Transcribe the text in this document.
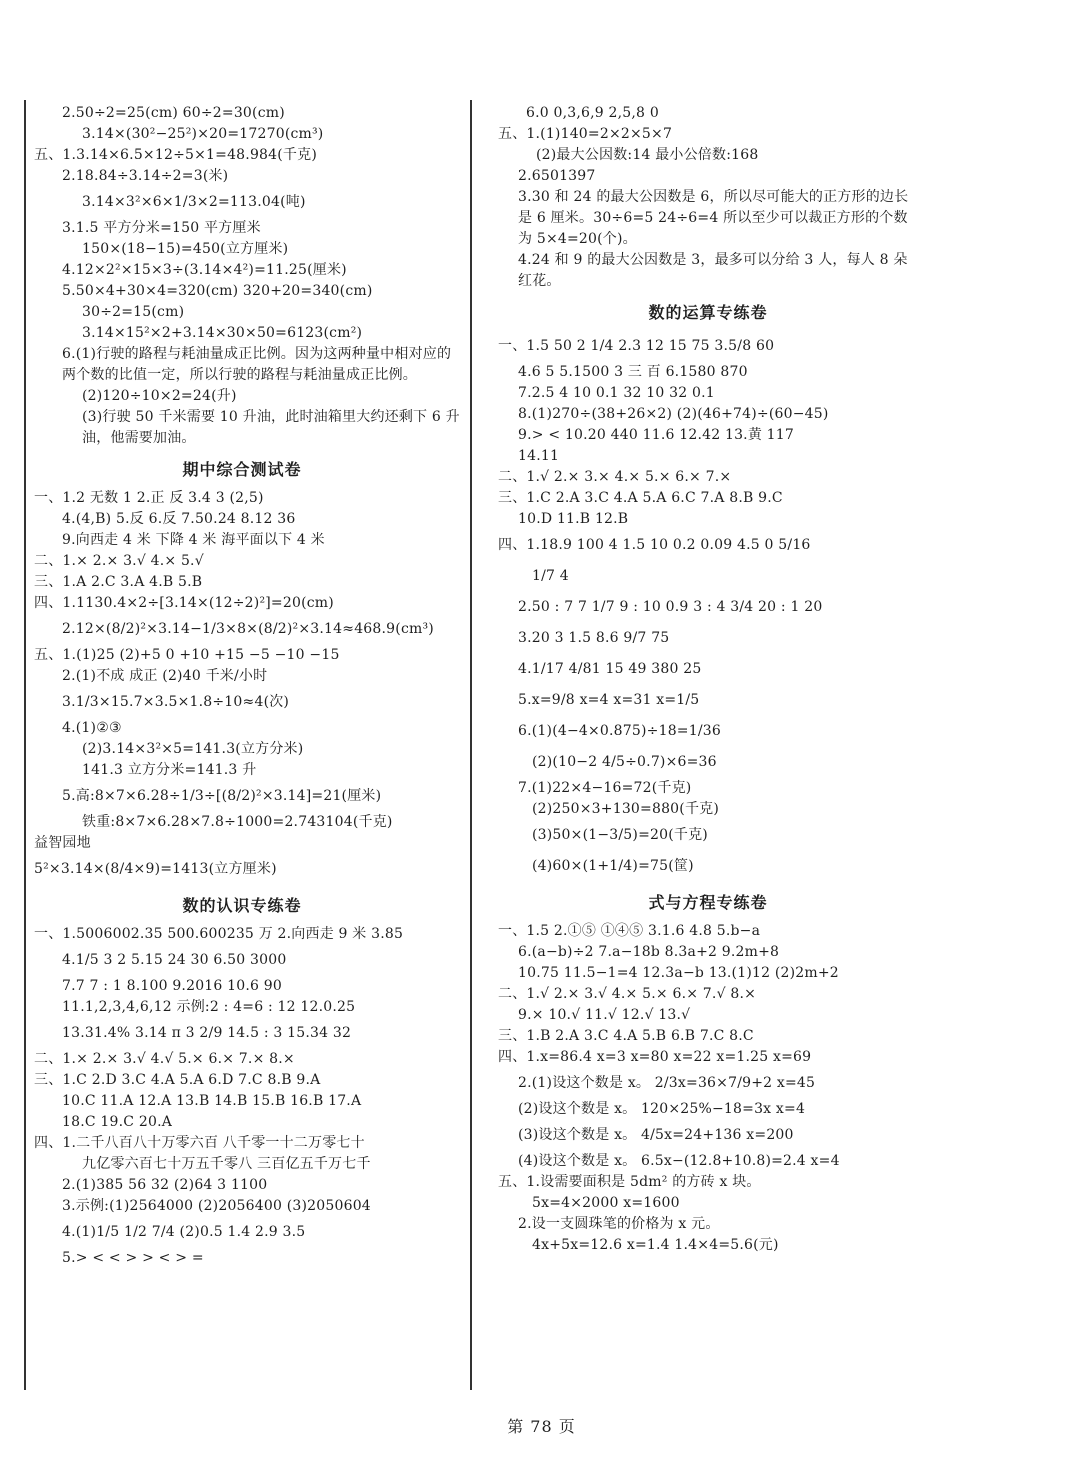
2.50÷2=25(cm) 60÷2=30(cm)

3.14×(30²−25²)×20=17270(cm³)

五、1.3.14×6.5×12÷5×1=48.984(千克)

2.18.84÷3.14÷2=3(米)

3.14×3²×6×1/3×2=113.04(吨)

3.1.5 平方分米=150 平方厘米

150×(18−15)=450(立方厘米)

4.12×2²×15×3÷(3.14×4²)=11.25(厘米)

5.50×4+30×4=320(cm) 320+20=340(cm)

30÷2=15(cm)

3.14×15²×2+3.14×30×50=6123(cm²)

6.(1)行驶的路程与耗油量成正比例。因为这两种量中相对应的两个数的比值一定，所以行驶的路程与耗油量成正比例。

(2)120÷10×2=24(升)

(3)行驶 50 千米需要 10 升油，此时油箱里大约还剩下 6 升油，他需要加油。

期中综合测试卷

一、1.2 无数 1 2.正 反 3.4 3 (2,5)

4.(4,B) 5.反 6.反 7.50.24 8.12 36

9.向西走 4 米 下降 4 米 海平面以下 4 米

二、1.× 2.× 3.√ 4.× 5.√

三、1.A 2.C 3.A 4.B 5.B

四、1.1130.4×2÷[3.14×(12÷2)²]=20(cm)

2.12×(8/2)²×3.14−1/3×8×(8/2)²×3.14≈468.9(cm³)

五、1.(1)25 (2)+5 0 +10 +15 −5 −10 −15

2.(1)不成 成正 (2)40 千米/小时

3.1/3×15.7×3.5×1.8÷10≈4(次)

4.(1)②③

(2)3.14×3²×5=141.3(立方分米)

141.3 立方分米=141.3 升

5.高:8×7×6.28÷1/3÷[(8/2)²×3.14]=21(厘米)

铁重:8×7×6.28×7.8÷1000=2.743104(千克)

益智园地

5²×3.14×(8/4×9)=1413(立方厘米)

数的认识专练卷

一、1.5006002.35 500.600235 万 2.向西走 9 米 3.85

4.1/5 3 2 5.15 24 30 6.50 3000

7.7 7 : 1 8.100 9.2016 10.6 90

11.1,2,3,4,6,12 示例:2 : 4=6 : 12 12.0.25

13.31.4% 3.14 π 3 2/9 14.5 : 3 15.34 32

二、1.× 2.× 3.√ 4.√ 5.× 6.× 7.× 8.×

三、1.C 2.D 3.C 4.A 5.A 6.D 7.C 8.B 9.A

10.C 11.A 12.A 13.B 14.B 15.B 16.B 17.A

18.C 19.C 20.A

四、1.二千八百八十万零六百 八千零一十二万零七十

九亿零六百七十万五千零八 三百亿五千万七千

2.(1)385 56 32 (2)64 3 1100

3.示例:(1)2564000 (2)2056400 (3)2050604

4.(1)1/5 1/2 7/4 (2)0.5 1.4 2.9 3.5

5.> < < > > < > =

6.0 0,3,6,9 2,5,8 0

五、1.(1)140=2×2×5×7

(2)最大公因数:14 最小公倍数:168

2.6501397

3.30 和 24 的最大公因数是 6，所以尽可能大的正方形的边长是 6 厘米。30÷6=5 24÷6=4 所以至少可以裁正方形的个数为 5×4=20(个)。

4.24 和 9 的最大公因数是 3，最多可以分给 3 人，每人 8 朵红花。

数的运算专练卷

一、1.5 50 2 1/4 2.3 12 15 75 3.5/8 60

4.6 5 5.1500 3 三 百 6.1580 870

7.2.5 4 10 0.1 32 10 32 0.1

8.(1)270÷(38+26×2) (2)(46+74)÷(60−45)

9.> < 10.20 440 11.6 12.42 13.黄 117

14.11

二、1.√ 2.× 3.× 4.× 5.× 6.× 7.×

三、1.C 2.A 3.C 4.A 5.A 6.C 7.A 8.B 9.C

10.D 11.B 12.B

四、1.18.9 100 4 1.5 10 0.2 0.09 4.5 0 5/16

1/7 4

2.50 : 7 7 1/7 9 : 10 0.9 3 : 4 3/4 20 : 1 20

3.20 3 1.5 8.6 9/7 75

4.1/17 4/81 15 49 380 25

5.x=9/8 x=4 x=31 x=1/5

6.(1)(4−4×0.875)÷18=1/36

(2)(10−2 4/5÷0.7)×6=36

7.(1)22×4−16=72(千克)

(2)250×3+130=880(千克)

(3)50×(1−3/5)=20(千克)

(4)60×(1+1/4)=75(筐)

式与方程专练卷

一、1.5 2.①⑤ ①④⑤ 3.1.6 4.8 5.b−a

6.(a−b)÷2 7.a−18b 8.3a+2 9.2m+8

10.75 11.5−1=4 12.3a−b 13.(1)12 (2)2m+2

二、1.√ 2.× 3.√ 4.× 5.× 6.× 7.√ 8.×

9.× 10.√ 11.√ 12.√ 13.√

三、1.B 2.A 3.C 4.A 5.B 6.B 7.C 8.C

四、1.x=86.4 x=3 x=80 x=22 x=1.25 x=69

2.(1)设这个数是 x。 2/3x=36×7/9+2 x=45

(2)设这个数是 x。 120×25%−18=3x x=4

(3)设这个数是 x。 4/5x=24+136 x=200

(4)设这个数是 x。 6.5x−(12.8+10.8)=2.4 x=4

五、1.设需要面积是 5dm² 的方砖 x 块。

5x=4×2000 x=1600

2.设一支圆珠笔的价格为 x 元。

4x+5x=12.6 x=1.4 1.4×4=5.6(元)

第 78 页
